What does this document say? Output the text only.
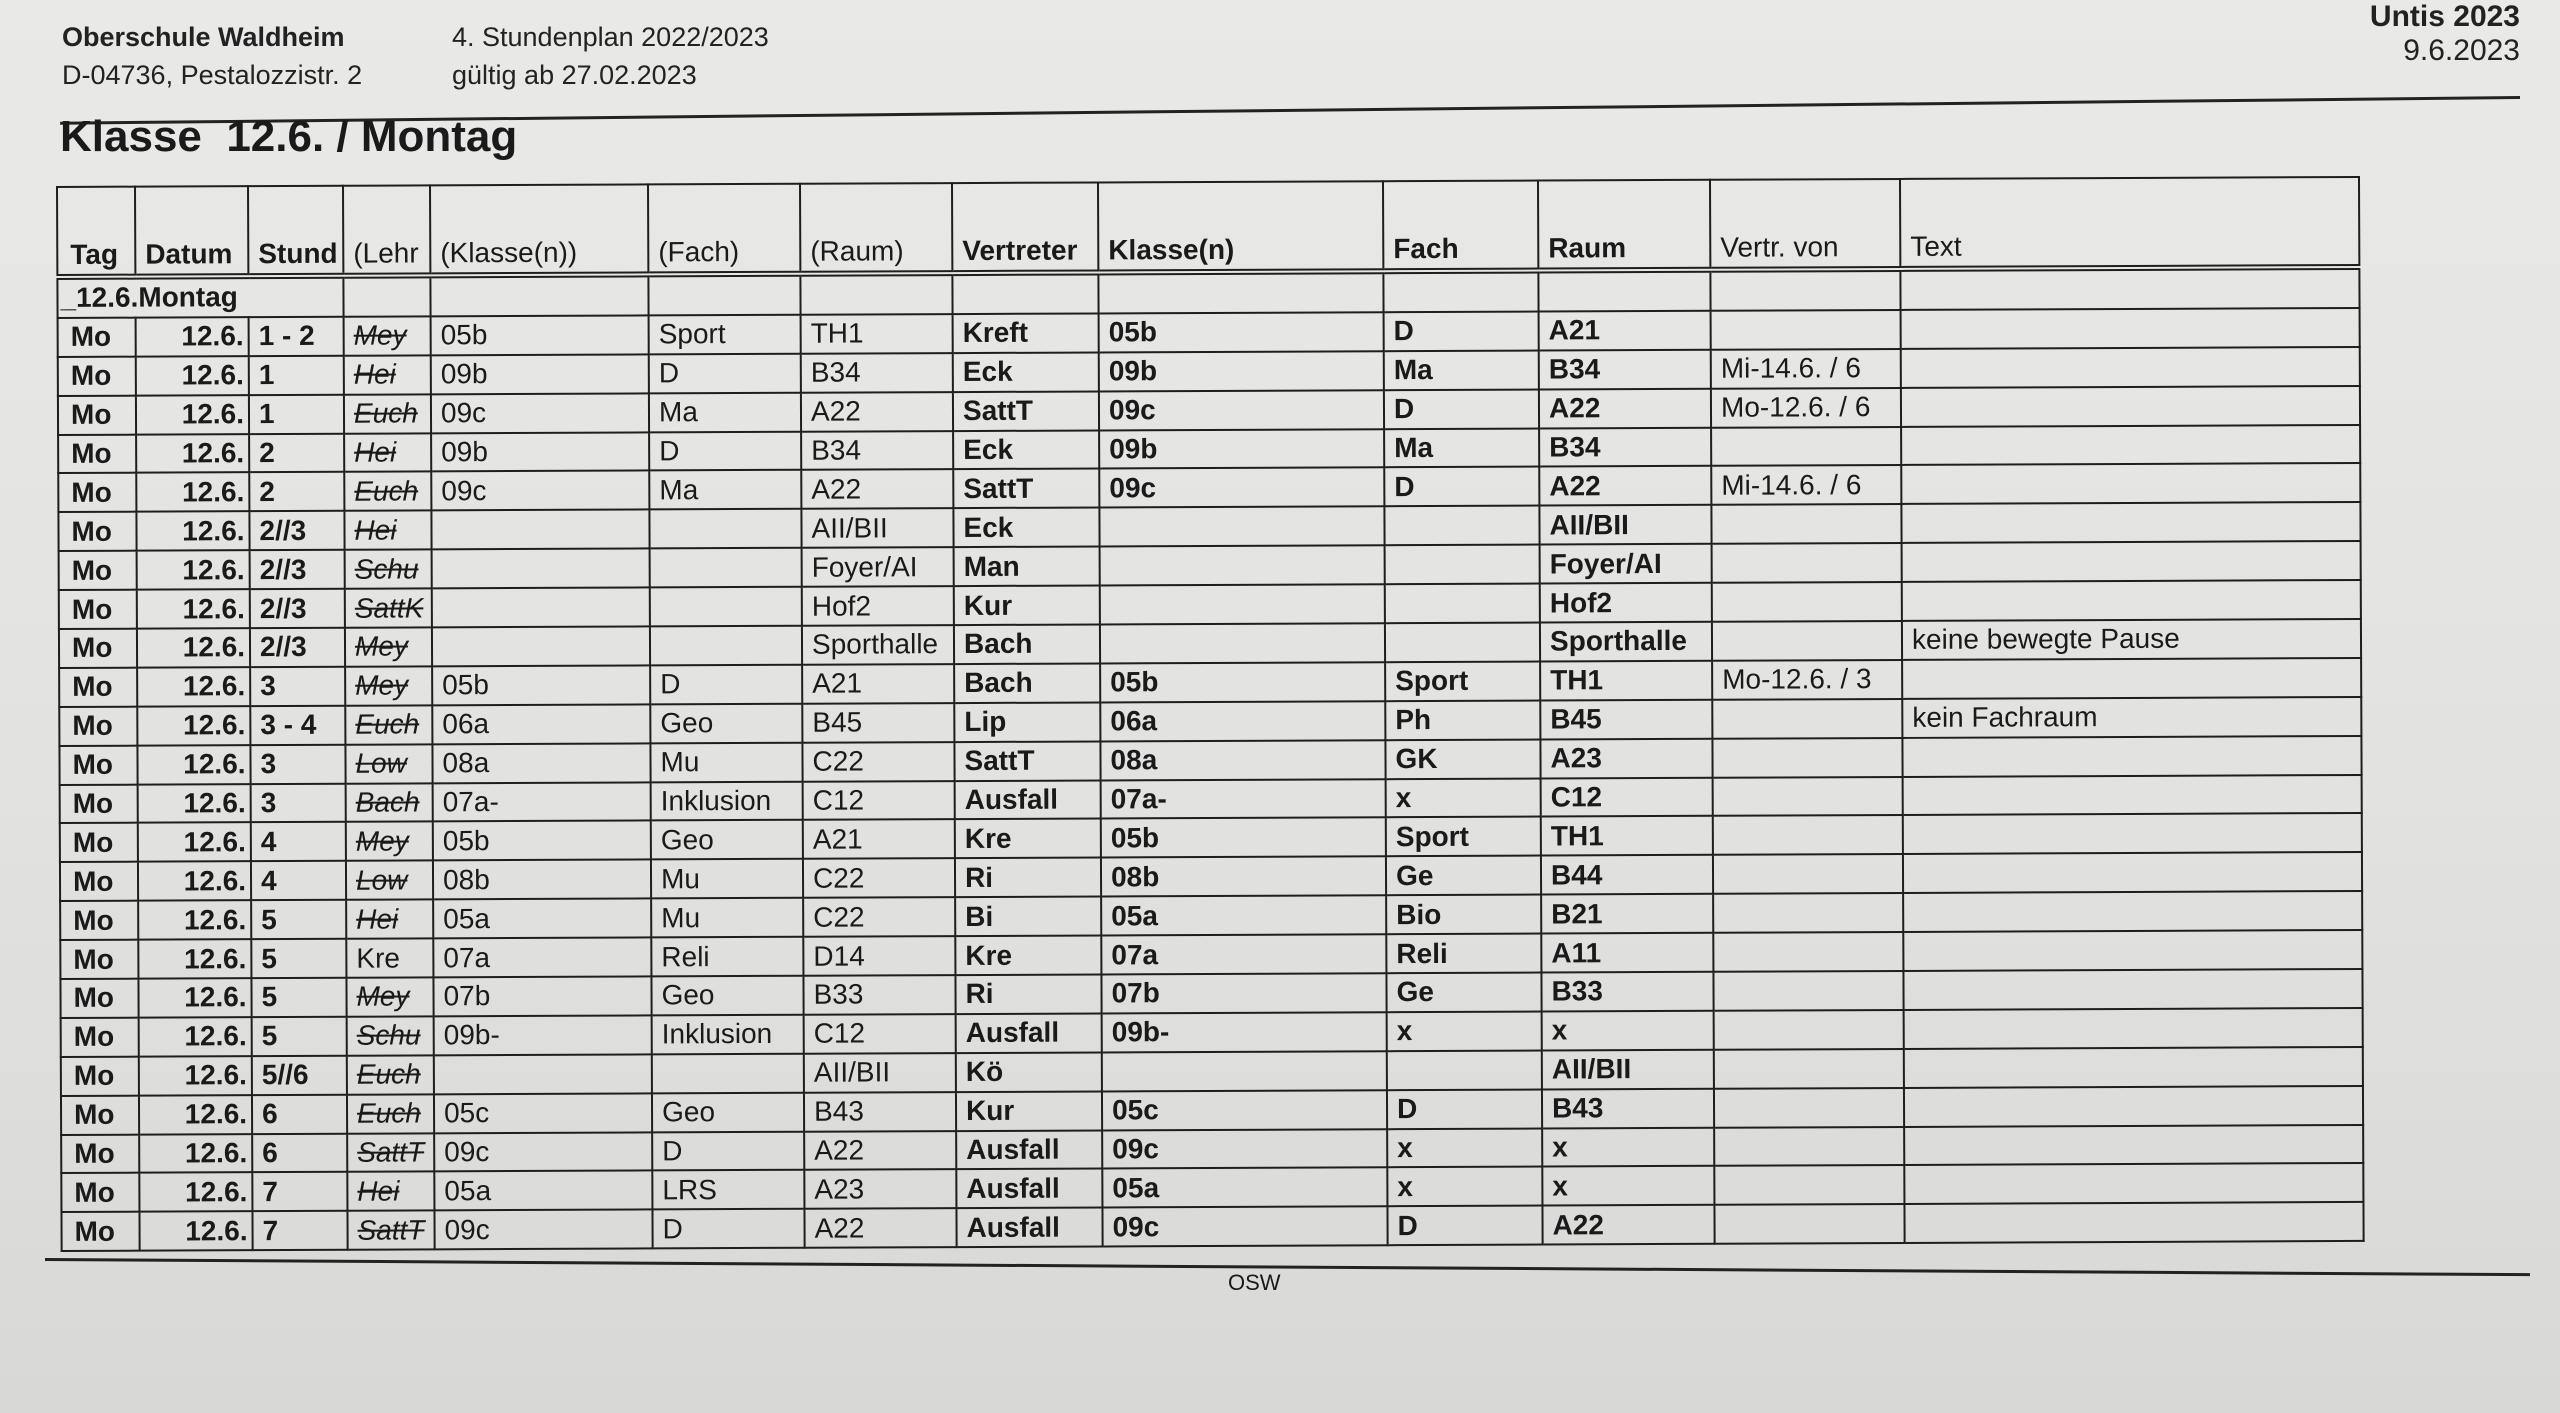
Oberschule Waldheim
D-04736, Pestalozzistr. 2
4. Stundenplan 2022/2023
gültig ab 27.02.2023
Untis 2023
9.6.2023
Klasse  12.6. / Montag
Tag	Datum	Stund	(Lehr	(Klasse(n))	(Fach)	(Raum)	Vertreter	Klasse(n)	Fach	Raum	Vertr. von	Text
_12.6.Montag												
Mo	12.6.	1 - 2	Mey	05b	Sport	TH1	Kreft	05b	D	A21		
Mo	12.6.	1	Hei	09b	D	B34	Eck	09b	Ma	B34	Mi-14.6. / 6	
Mo	12.6.	1	Euch	09c	Ma	A22	SattT	09c	D	A22	Mo-12.6. / 6	
Mo	12.6.	2	Hei	09b	D	B34	Eck	09b	Ma	B34		
Mo	12.6.	2	Euch	09c	Ma	A22	SattT	09c	D	A22	Mi-14.6. / 6	
Mo	12.6.	2//3	Hei			AII/BII	Eck			AII/BII		
Mo	12.6.	2//3	Schu			Foyer/AI	Man			Foyer/AI		
Mo	12.6.	2//3	SattK			Hof2	Kur			Hof2		
Mo	12.6.	2//3	Mey			Sporthalle	Bach			Sporthalle		keine bewegte Pause
Mo	12.6.	3	Mey	05b	D	A21	Bach	05b	Sport	TH1	Mo-12.6. / 3	
Mo	12.6.	3 - 4	Euch	06a	Geo	B45	Lip	06a	Ph	B45		kein Fachraum
Mo	12.6.	3	Low	08a	Mu	C22	SattT	08a	GK	A23		
Mo	12.6.	3	Bach	07a-	Inklusion	C12	Ausfall	07a-	x	C12		
Mo	12.6.	4	Mey	05b	Geo	A21	Kre	05b	Sport	TH1		
Mo	12.6.	4	Low	08b	Mu	C22	Ri	08b	Ge	B44		
Mo	12.6.	5	Hei	05a	Mu	C22	Bi	05a	Bio	B21		
Mo	12.6.	5	Kre	07a	Reli	D14	Kre	07a	Reli	A11		
Mo	12.6.	5	Mey	07b	Geo	B33	Ri	07b	Ge	B33		
Mo	12.6.	5	Schu	09b-	Inklusion	C12	Ausfall	09b-	x	x		
Mo	12.6.	5//6	Euch			AII/BII	Kö			AII/BII		
Mo	12.6.	6	Euch	05c	Geo	B43	Kur	05c	D	B43		
Mo	12.6.	6	SattT	09c	D	A22	Ausfall	09c	x	x		
Mo	12.6.	7	Hei	05a	LRS	A23	Ausfall	05a	x	x		
Mo	12.6.	7	SattT	09c	D	A22	Ausfall	09c	D	A22		
OSW
